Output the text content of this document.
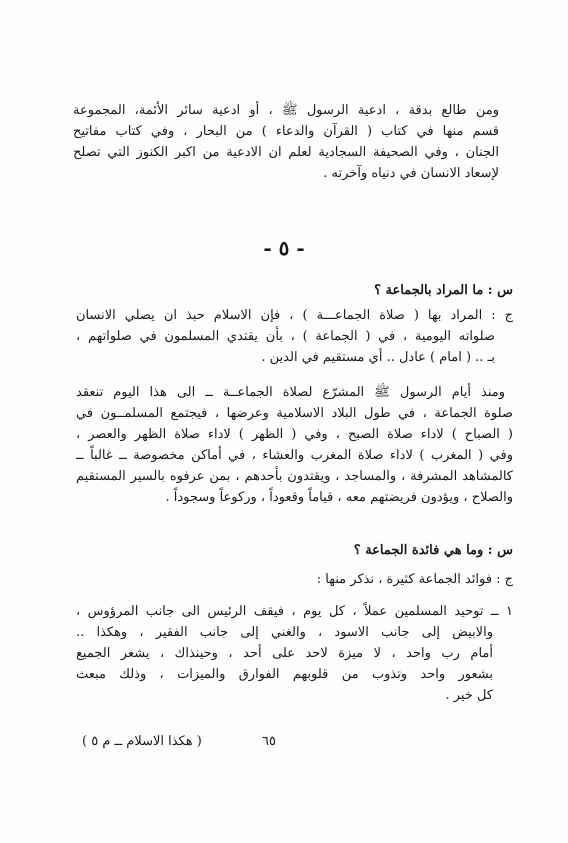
ومن طالع بدقة ، ادعية الرسول ﷺ ، أو ادعية سائر الأئمة، المجموعة
قسم منها في كتاب ( القرآن والدعاء ) من البحار ، وفي كتاب مفاتيح
الجنان ، وفي الصحيفة السجادية لعلم ان الادعية من اكبر الكنوز التي تصلح
لإسعاد الانسان في دنياه وآخرته .
- ٥ -
س : ما المراد بالجماعة ؟
ج : المراد بها ( صلاة الجماعـــة ) ، فإن الاسلام حبذ ان يصلي الانسان
صلواته اليومية ، في ( الجماعة ) ، بأن يقتدي المسلمون في صلواتهم ،
بـ .. ( امام ) عادل .. أي مستقيم في الدين .
ومنذ أيام الرسول ﷺ المشرّع لصلاة الجماعــة ــ الى هذا اليوم تنعقد
صلوة الجماعة ، في طول البلاد الاسلامية وعرضها ، فيجتمع المسلمــون في
( الصباح ) لاداء صلاة الصبح ، وفي ( الظهر ) لاداء صلاة الظهر والعصر ،
وفي ( المغرب ) لاداء صلاة المغرب والعشاء ، في أماكن مخصوصة ــ غالباً ــ
كالمشاهد المشرفة ، والمساجد ، ويقتدون بأحدهم ، بمن عرفوه بالسير المستقيم
والصلاح ، ويؤدون فريضتهم معه ، قياماً وقعوداً ، وركوعاً وسجوداً .
س : وما هي فائدة الجماعة ؟
ج : فوائد الجماعة كثيرة ، نذكر منها :
١ ــ توحيد المسلمين عملاً ، كل يوم ، فيقف الرئيس الى جانب المرؤوس ،
والابيض إلى جانب الاسود ، والغني إلى جانب الفقير ، وهكذا ..
أمام رب واحد ، لا ميزة لاحد على أحد ، وحينذاك ، يشعر الجميع
بشعور واحد وتذوب من قلوبهم الفوارق والميزات ، وذلك مبعث
كل خير .
٦٥
( هكذا الاسلام ــ م ٥ )
